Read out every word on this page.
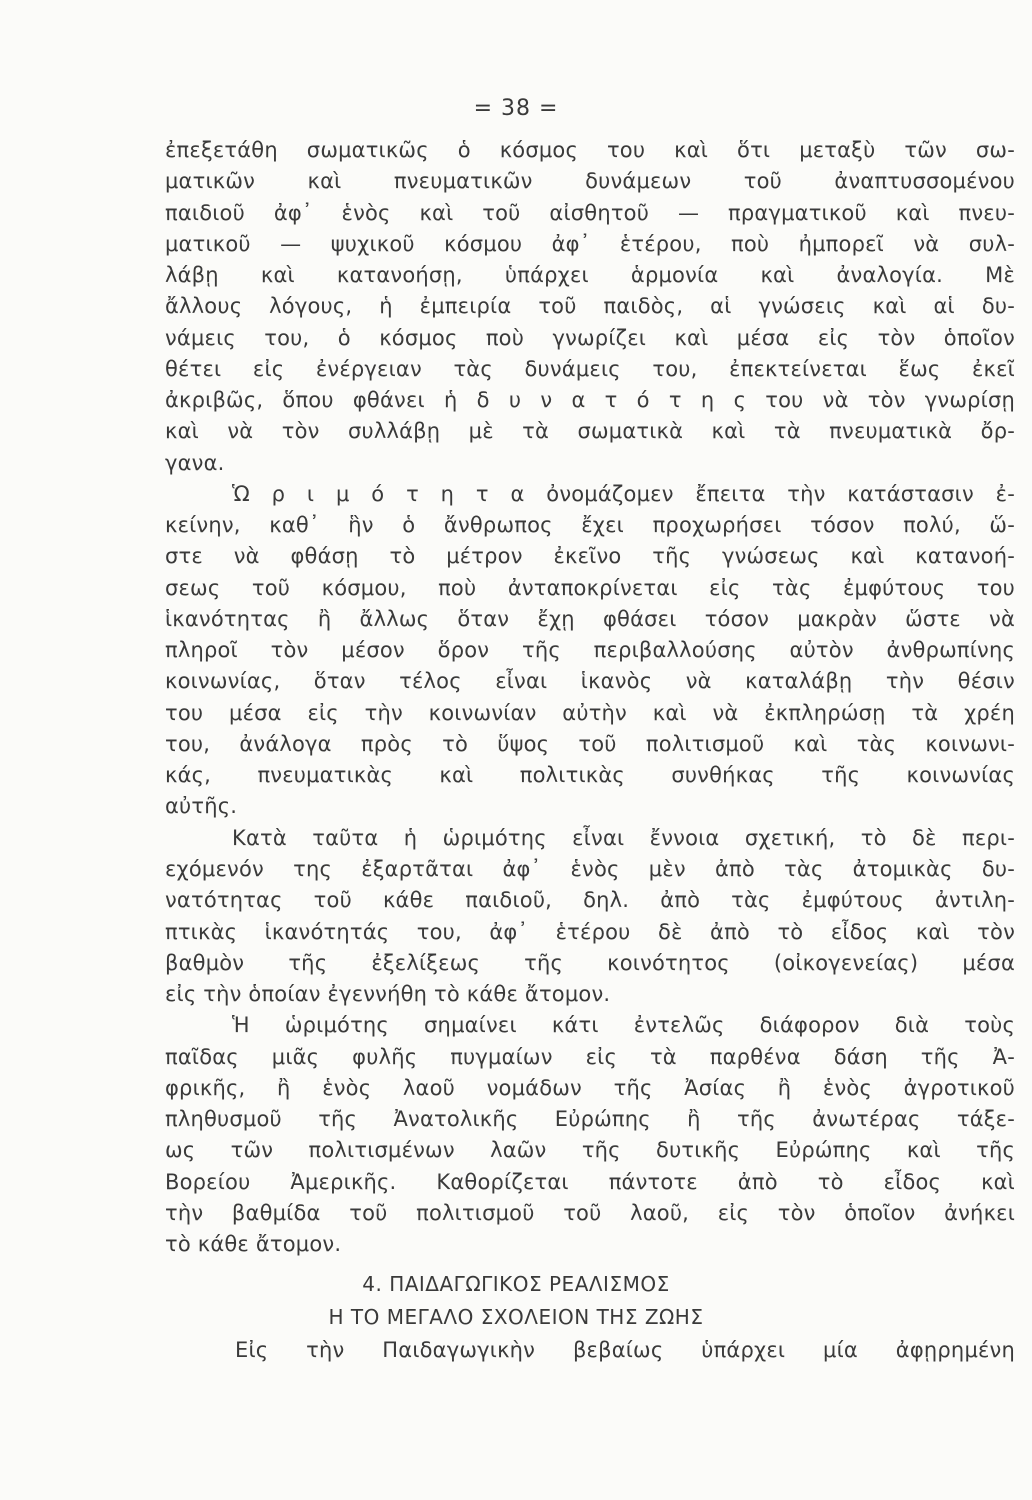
= 38 =
ἐπεξετάθη σωματικῶς ὁ κόσμος του καὶ ὅτι μεταξὺ τῶν σω-
ματικῶν καὶ πνευματικῶν δυνάμεων τοῦ ἀναπτυσσομένου
παιδιοῦ ἀφ᾽ ἑνὸς καὶ τοῦ αἰσθητοῦ — πραγματικοῦ καὶ πνευ-
ματικοῦ — ψυχικοῦ κόσμου ἀφ᾽ ἑτέρου, ποὺ ἠμπορεῖ νὰ συλ-
λάβῃ καὶ κατανοήσῃ, ὑπάρχει ἁρμονία καὶ ἀναλογία. Μὲ
ἄλλους λόγους, ἡ ἐμπειρία τοῦ παιδὸς, αἱ γνώσεις καὶ αἱ δυ-
νάμεις του, ὁ κόσμος ποὺ γνωρίζει καὶ μέσα εἰς τὸν ὁποῖον
θέτει εἰς ἐνέργειαν τὰς δυνάμεις του, ἐπεκτείνεται ἕως ἐκεῖ
ἀκριβῶς, ὅπου φθάνει ἡ δ υ ν α τ ό τ η ς του νὰ τὸν γνωρίσῃ
καὶ νὰ τὸν συλλάβῃ μὲ τὰ σωματικὰ καὶ τὰ πνευματικὰ ὄρ-
γανα.
Ὡ ρ ι μ ό τ η τ α ὀνομάζομεν ἔπειτα τὴν κατάστασιν ἐ-
κείνην, καθ᾽ ἣν ὁ ἄνθρωπος ἔχει προχωρήσει τόσον πολύ, ὥ-
στε νὰ φθάσῃ τὸ μέτρον ἐκεῖνο τῆς γνώσεως καὶ κατανοή-
σεως τοῦ κόσμου, ποὺ ἀνταποκρίνεται εἰς τὰς ἐμφύτους του
ἱκανότητας ἢ ἄλλως ὅταν ἔχῃ φθάσει τόσον μακρὰν ὥστε νὰ
πληροῖ τὸν μέσον ὅρον τῆς περιβαλλούσης αὐτὸν ἀνθρωπίνης
κοινωνίας, ὅταν τέλος εἶναι ἱκανὸς νὰ καταλάβῃ τὴν θέσιν
του μέσα εἰς τὴν κοινωνίαν αὐτὴν καὶ νὰ ἐκπληρώσῃ τὰ χρέη
του, ἀνάλογα πρὸς τὸ ὕψος τοῦ πολιτισμοῦ καὶ τὰς κοινωνι-
κάς, πνευματικὰς καὶ πολιτικὰς συνθήκας τῆς κοινωνίας
αὐτῆς.
Κατὰ ταῦτα ἡ ὡριμότης εἶναι ἔννοια σχετική, τὸ δὲ περι-
εχόμενόν της ἐξαρτᾶται ἀφ᾽ ἑνὸς μὲν ἀπὸ τὰς ἀτομικὰς δυ-
νατότητας τοῦ κάθε παιδιοῦ, δηλ. ἀπὸ τὰς ἐμφύτους ἀντιλη-
πτικὰς ἱκανότητάς του, ἀφ᾽ ἑτέρου δὲ ἀπὸ τὸ εἶδος καὶ τὸν
βαθμὸν τῆς ἐξελίξεως τῆς κοινότητος (οἰκογενείας) μέσα
εἰς τὴν ὁποίαν ἐγεννήθη τὸ κάθε ἄτομον.
Ἡ ὡριμότης σημαίνει κάτι ἐντελῶς διάφορον διὰ τοὺς
παῖδας μιᾶς φυλῆς πυγμαίων εἰς τὰ παρθένα δάση τῆς Ἀ-
φρικῆς, ἢ ἑνὸς λαοῦ νομάδων τῆς Ἀσίας ἢ ἑνὸς ἀγροτικοῦ
πληθυσμοῦ τῆς Ἀνατολικῆς Εὐρώπης ἢ τῆς ἀνωτέρας τάξε-
ως τῶν πολιτισμένων λαῶν τῆς δυτικῆς Εὐρώπης καὶ τῆς
Βορείου Ἀμερικῆς. Καθορίζεται πάντοτε ἀπὸ τὸ εἶδος καὶ
τὴν βαθμίδα τοῦ πολιτισμοῦ τοῦ λαοῦ, εἰς τὸν ὁποῖον ἀνήκει
τὸ κάθε ἄτομον.
4. ΠΑΙΔΑΓΩΓΙΚΟΣ ΡΕΑΛΙΣΜΟΣ
Η ΤΟ ΜΕΓΑΛΟ ΣΧΟΛΕΙΟΝ ΤΗΣ ΖΩΗΣ
Εἰς τὴν Παιδαγωγικὴν βεβαίως ὑπάρχει μία ἀφῃρημένη
